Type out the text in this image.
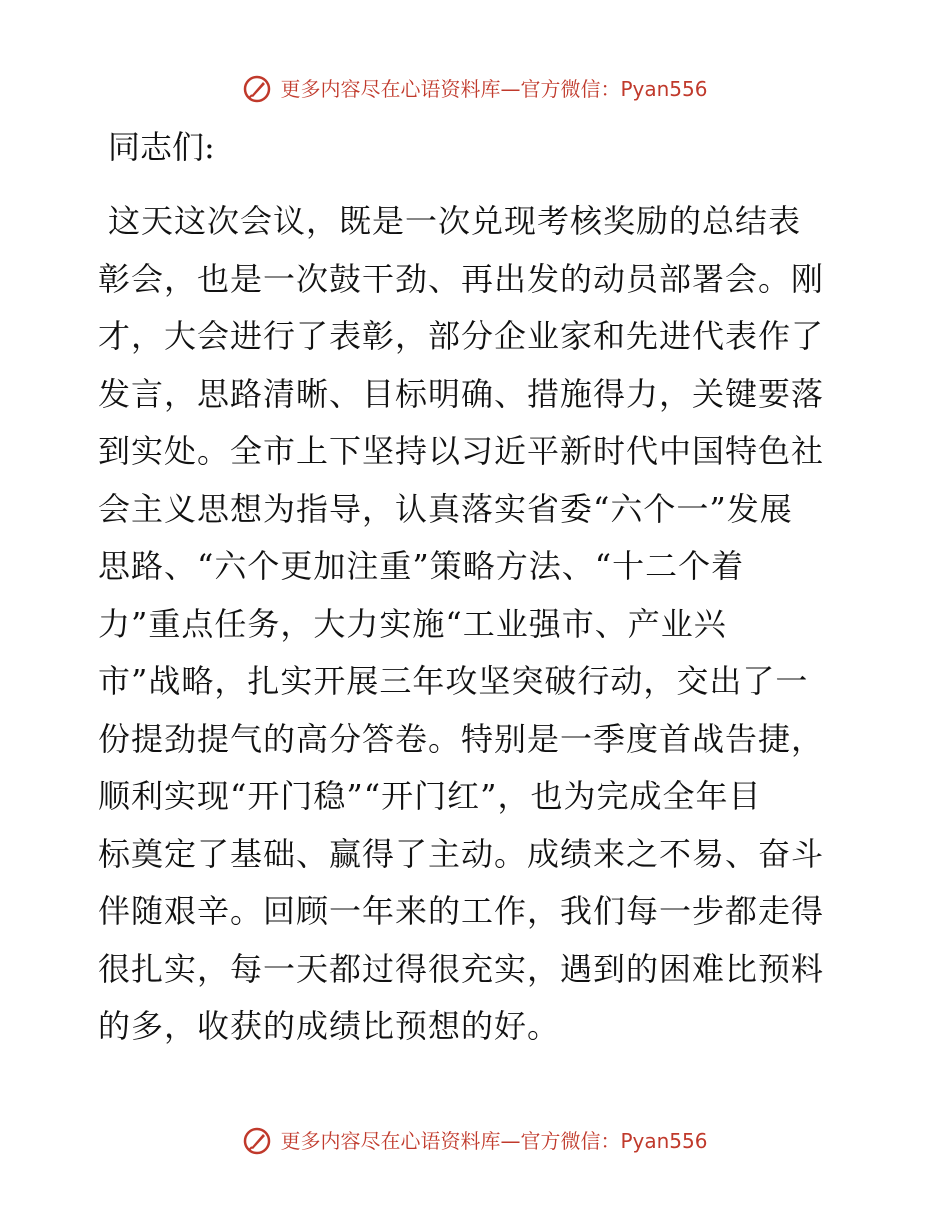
更多内容尽在心语资料库—官方微信：Pyan556
同志们:
这天这次会议，既是一次兑现考核奖励的总结表
彰会，也是一次鼓干劲、再出发的动员部署会。刚
才，大会进行了表彰，部分企业家和先进代表作了
发言，思路清晰、目标明确、措施得力，关键要落
到实处。全市上下坚持以习近平新时代中国特色社
会主义思想为指导，认真落实省委“六个一”发展
思路、“六个更加注重”策略方法、“十二个着
力”重点任务，大力实施“工业强市、产业兴
市”战略，扎实开展三年攻坚突破行动，交出了一
份提劲提气的高分答卷。特别是一季度首战告捷，
顺利实现“开门稳”“开门红”，也为完成全年目
标奠定了基础、赢得了主动。成绩来之不易、奋斗
伴随艰辛。回顾一年来的工作，我们每一步都走得
很扎实，每一天都过得很充实，遇到的困难比预料
的多，收获的成绩比预想的好。
更多内容尽在心语资料库—官方微信：Pyan556
